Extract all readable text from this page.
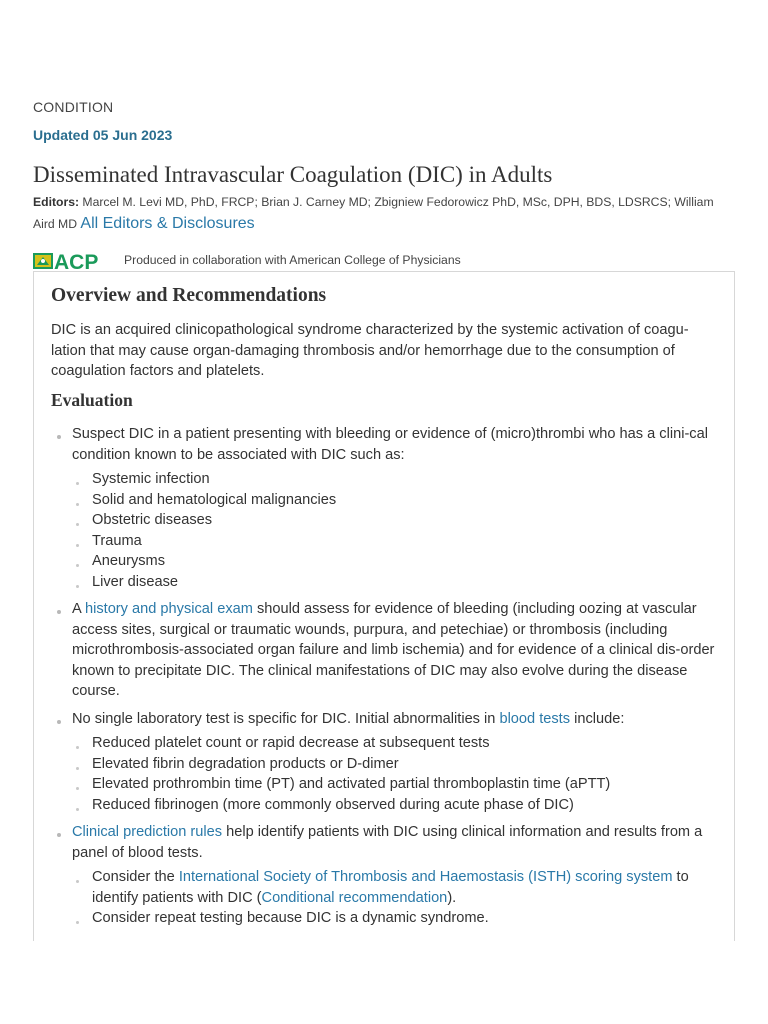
CONDITION
Updated 05 Jun 2023
Disseminated Intravascular Coagulation (DIC) in Adults
Editors: Marcel M. Levi MD, PhD, FRCP; Brian J. Carney MD; Zbigniew Fedorowicz PhD, MSc, DPH, BDS, LDSRCS; William Aird MD All Editors & Disclosures
ACP Produced in collaboration with American College of Physicians
Overview and Recommendations

DIC is an acquired clinicopathological syndrome characterized by the systemic activation of coagu-lation that may cause organ-damaging thrombosis and/or hemorrhage due to the consumption of coagulation factors and platelets.

Evaluation
Suspect DIC in a patient presenting with bleeding or evidence of (micro)thrombi who has a clini-cal condition known to be associated with DIC such as:
Systemic infection
Solid and hematological malignancies
Obstetric diseases
Trauma
Aneurysms
Liver disease
A history and physical exam should assess for evidence of bleeding (including oozing at vascular access sites, surgical or traumatic wounds, purpura, and petechiae) or thrombosis (including microthrombosis-associated organ failure and limb ischemia) and for evidence of a clinical dis-order known to precipitate DIC. The clinical manifestations of DIC may also evolve during the disease course.
No single laboratory test is specific for DIC. Initial abnormalities in blood tests include:
Reduced platelet count or rapid decrease at subsequent tests
Elevated fibrin degradation products or D-dimer
Elevated prothrombin time (PT) and activated partial thromboplastin time (aPTT)
Reduced fibrinogen (more commonly observed during acute phase of DIC)
Clinical prediction rules help identify patients with DIC using clinical information and results from a panel of blood tests.
Consider the International Society of Thrombosis and Haemostasis (ISTH) scoring system to identify patients with DIC (Conditional recommendation).
Consider repeat testing because DIC is a dynamic syndrome.
